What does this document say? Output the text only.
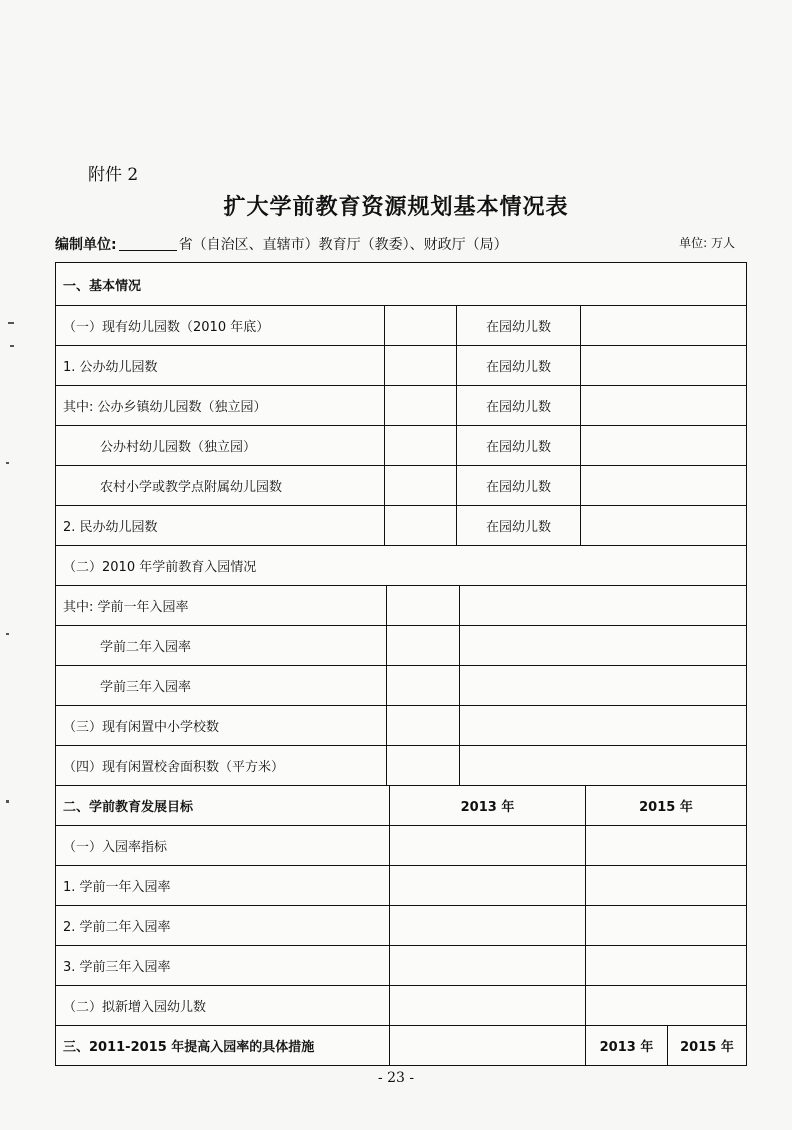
附件 2
扩大学前教育资源规划基本情况表
编制单位:	省（自治区、直辖市）教育厅（教委）、财政厅（局）	单位: 万人
一、基本情况
（一）现有幼儿园数（2010 年底）	在园幼儿数
1. 公办幼儿园数	在园幼儿数
其中: 公办乡镇幼儿园数（独立园）	在园幼儿数
公办村幼儿园数（独立园）	在园幼儿数
农村小学或教学点附属幼儿园数	在园幼儿数
2. 民办幼儿园数	在园幼儿数
（二）2010 年学前教育入园情况
其中: 学前一年入园率
学前二年入园率
学前三年入园率
（三）现有闲置中小学校数
（四）现有闲置校舍面积数（平方米）
二、学前教育发展目标	2013 年	2015 年
（一）入园率指标
1. 学前一年入园率
2. 学前二年入园率
3. 学前三年入园率
（二）拟新增入园幼儿数
三、2011-2015 年提高入园率的具体措施	2013 年	2015 年
- 23 -
